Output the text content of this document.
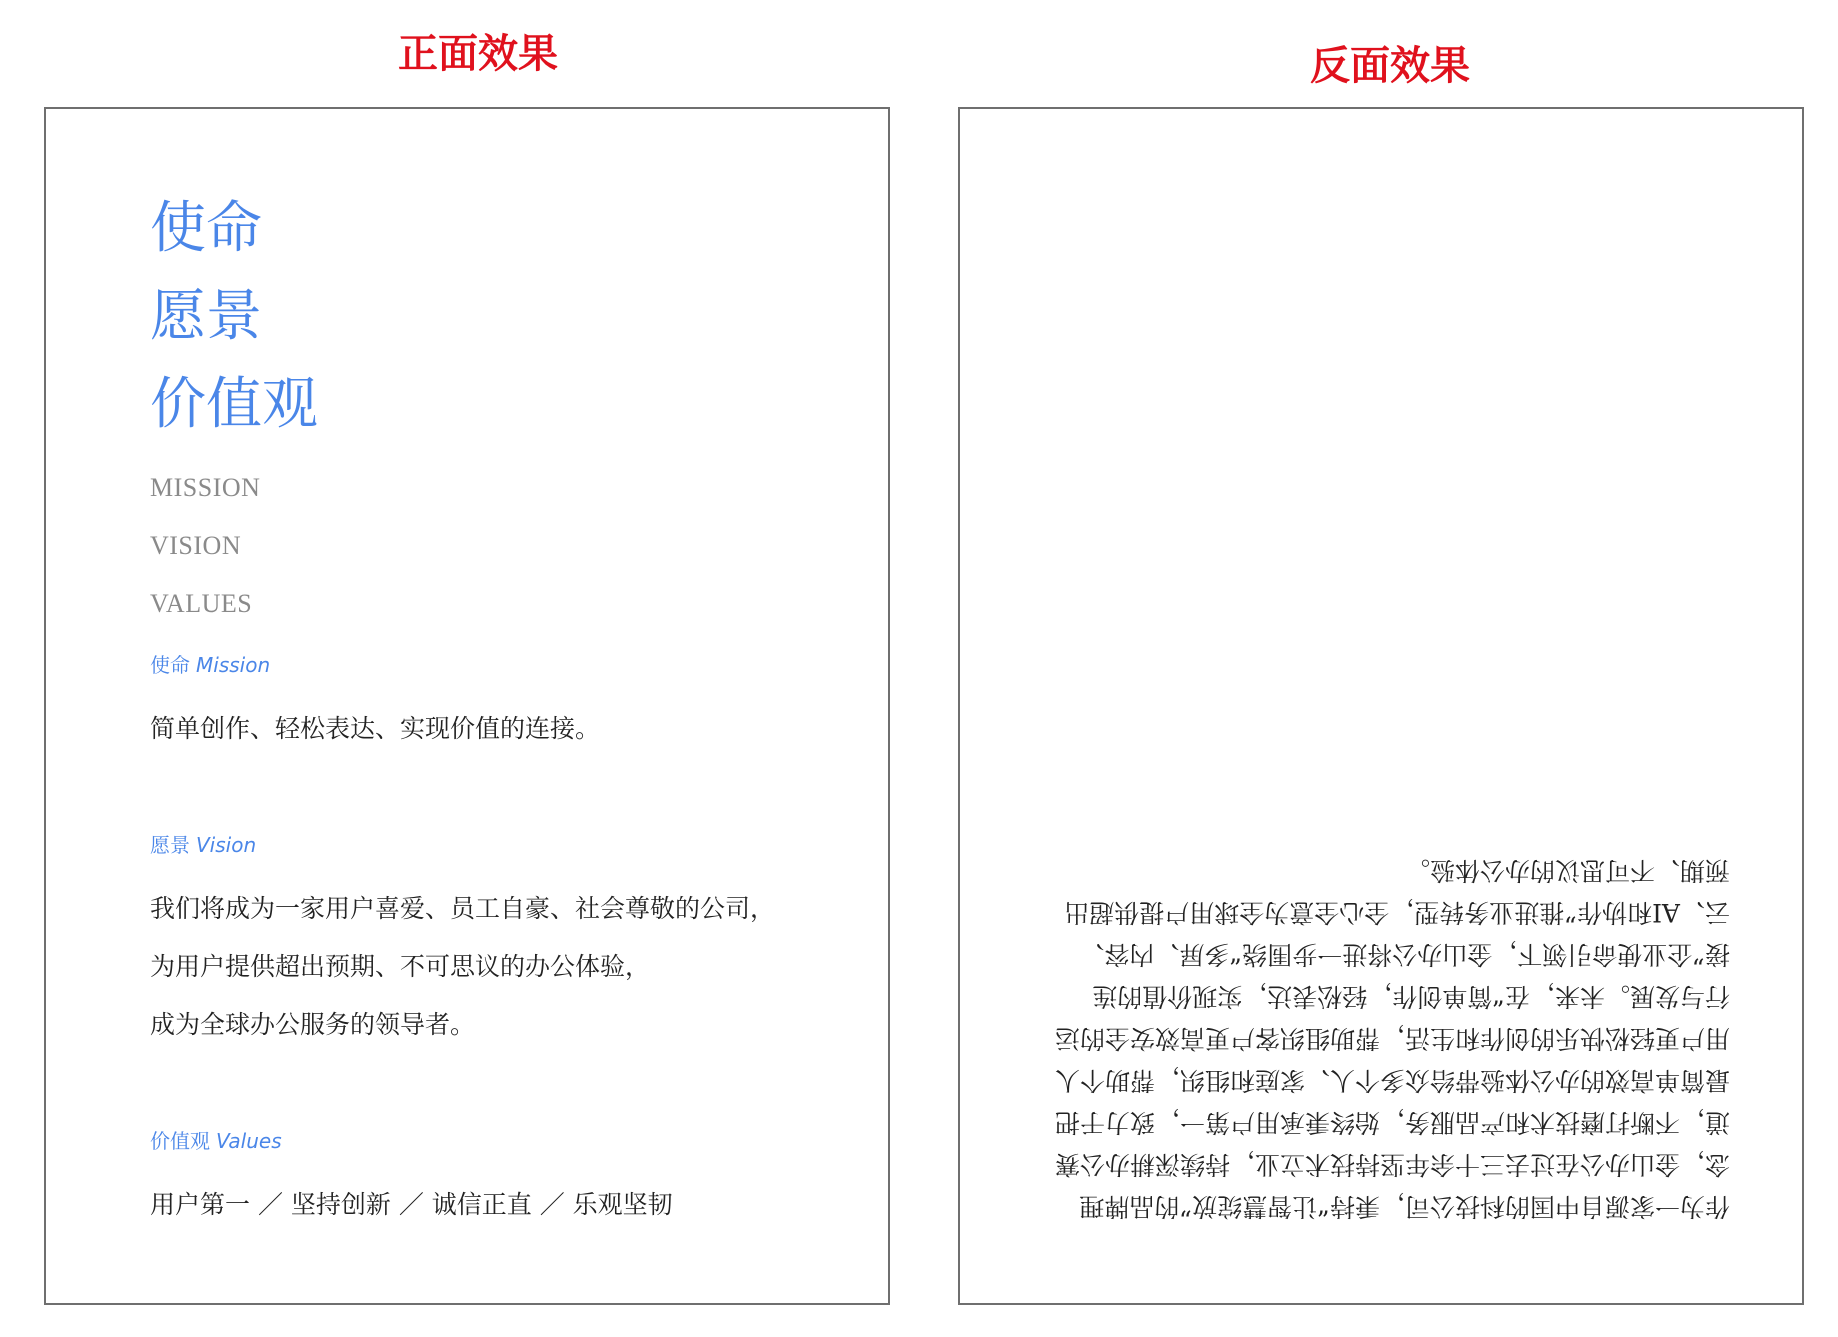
正面效果	反面效果
使命
愿景
价值观
MISSION
VISION
VALUES
使命 Mission
简单创作、轻松表达、实现价值的连接。
愿景 Vision
我们将成为一家用户喜爱、员工自豪、社会尊敬的公司，
为用户提供超出预期、不可思议的办公体验，
成为全球办公服务的领导者。
价值观 Values
用户第一 ／ 坚持创新 ／ 诚信正直 ／ 乐观坚韧	作为一家源自中国的科技公司，秉持“让智慧绽放”的品牌理
念，金山办公在过去三十余年坚持技术立业，持续深耕办公赛
道，不断打磨技术和产品服务，始终秉承用户第一，致力于把
最简单高效的办公体验带给众多个人、家庭和组织，帮助个人
用户更轻松快乐的创作和生活，帮助组织客户更高效安全的运
行与发展。未来，在“简单创作，轻松表达，实现价值的连
接”企业使命引领下，金山办公将进一步围绕“多屏、内容、
云、AI和协作”推进业务转型，全心全意为全球用户提供超出
预期、不可思议的办公体验。
